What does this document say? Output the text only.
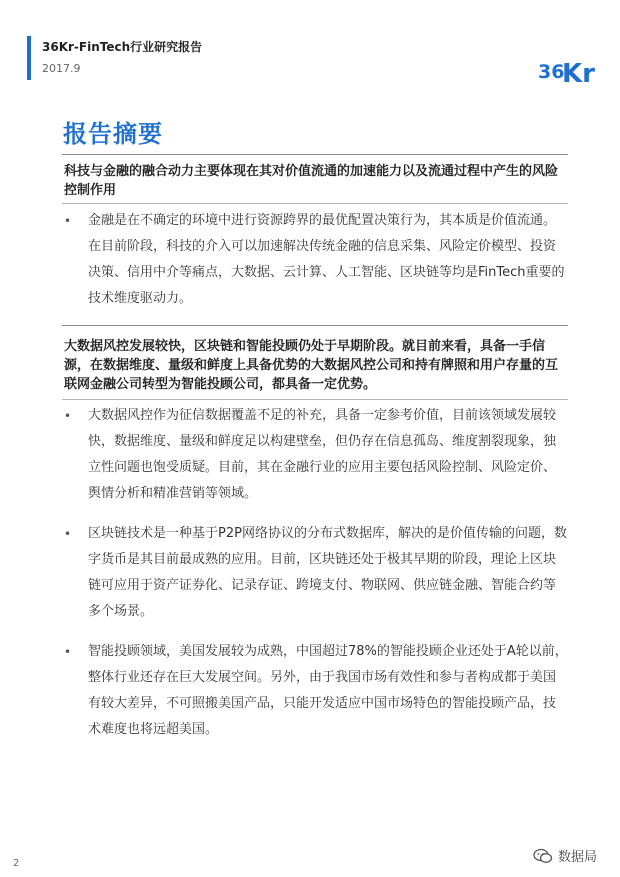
36Kr-FinTech行业研究报告
2017.9	36
Kr
报告摘要
科技与金融的融合动力主要体现在其对价值流通的加速能力以及流通过程中产生的风险控制作用
• 金融是在不确定的环境中进行资源跨界的最优配置决策行为，其本质是价值流通。在目前阶段，科技的介入可以加速解决传统金融的信息采集、风险定价模型、投资决策、信用中介等痛点，大数据、云计算、人工智能、区块链等均是FinTech重要的技术维度驱动力。
大数据风控发展较快，区块链和智能投顾仍处于早期阶段。就目前来看，具备一手信源，在数据维度、量级和鲜度上具备优势的大数据风控公司和持有牌照和用户存量的互联网金融公司转型为智能投顾公司，都具备一定优势。
• 大数据风控作为征信数据覆盖不足的补充，具备一定参考价值，目前该领域发展较快，数据维度、量级和鲜度足以构建壁垒，但仍存在信息孤岛、维度割裂现象，独立性问题也饱受质疑。目前，其在金融行业的应用主要包括风险控制、风险定价、舆情分析和精准营销等领域。
• 区块链技术是一种基于P2P网络协议的分布式数据库，解决的是价值传输的问题，数字货币是其目前最成熟的应用。目前，区块链还处于极其早期的阶段，理论上区块链可应用于资产证券化、记录存证、跨境支付、物联网、供应链金融、智能合约等多个场景。
• 智能投顾领域，美国发展较为成熟，中国超过78%的智能投顾企业还处于A轮以前，整体行业还存在巨大发展空间。另外，由于我国市场有效性和参与者构成都于美国有较大差异，不可照搬美国产品，只能开发适应中国市场特色的智能投顾产品，技术难度也将远超美国。
2	数据局
